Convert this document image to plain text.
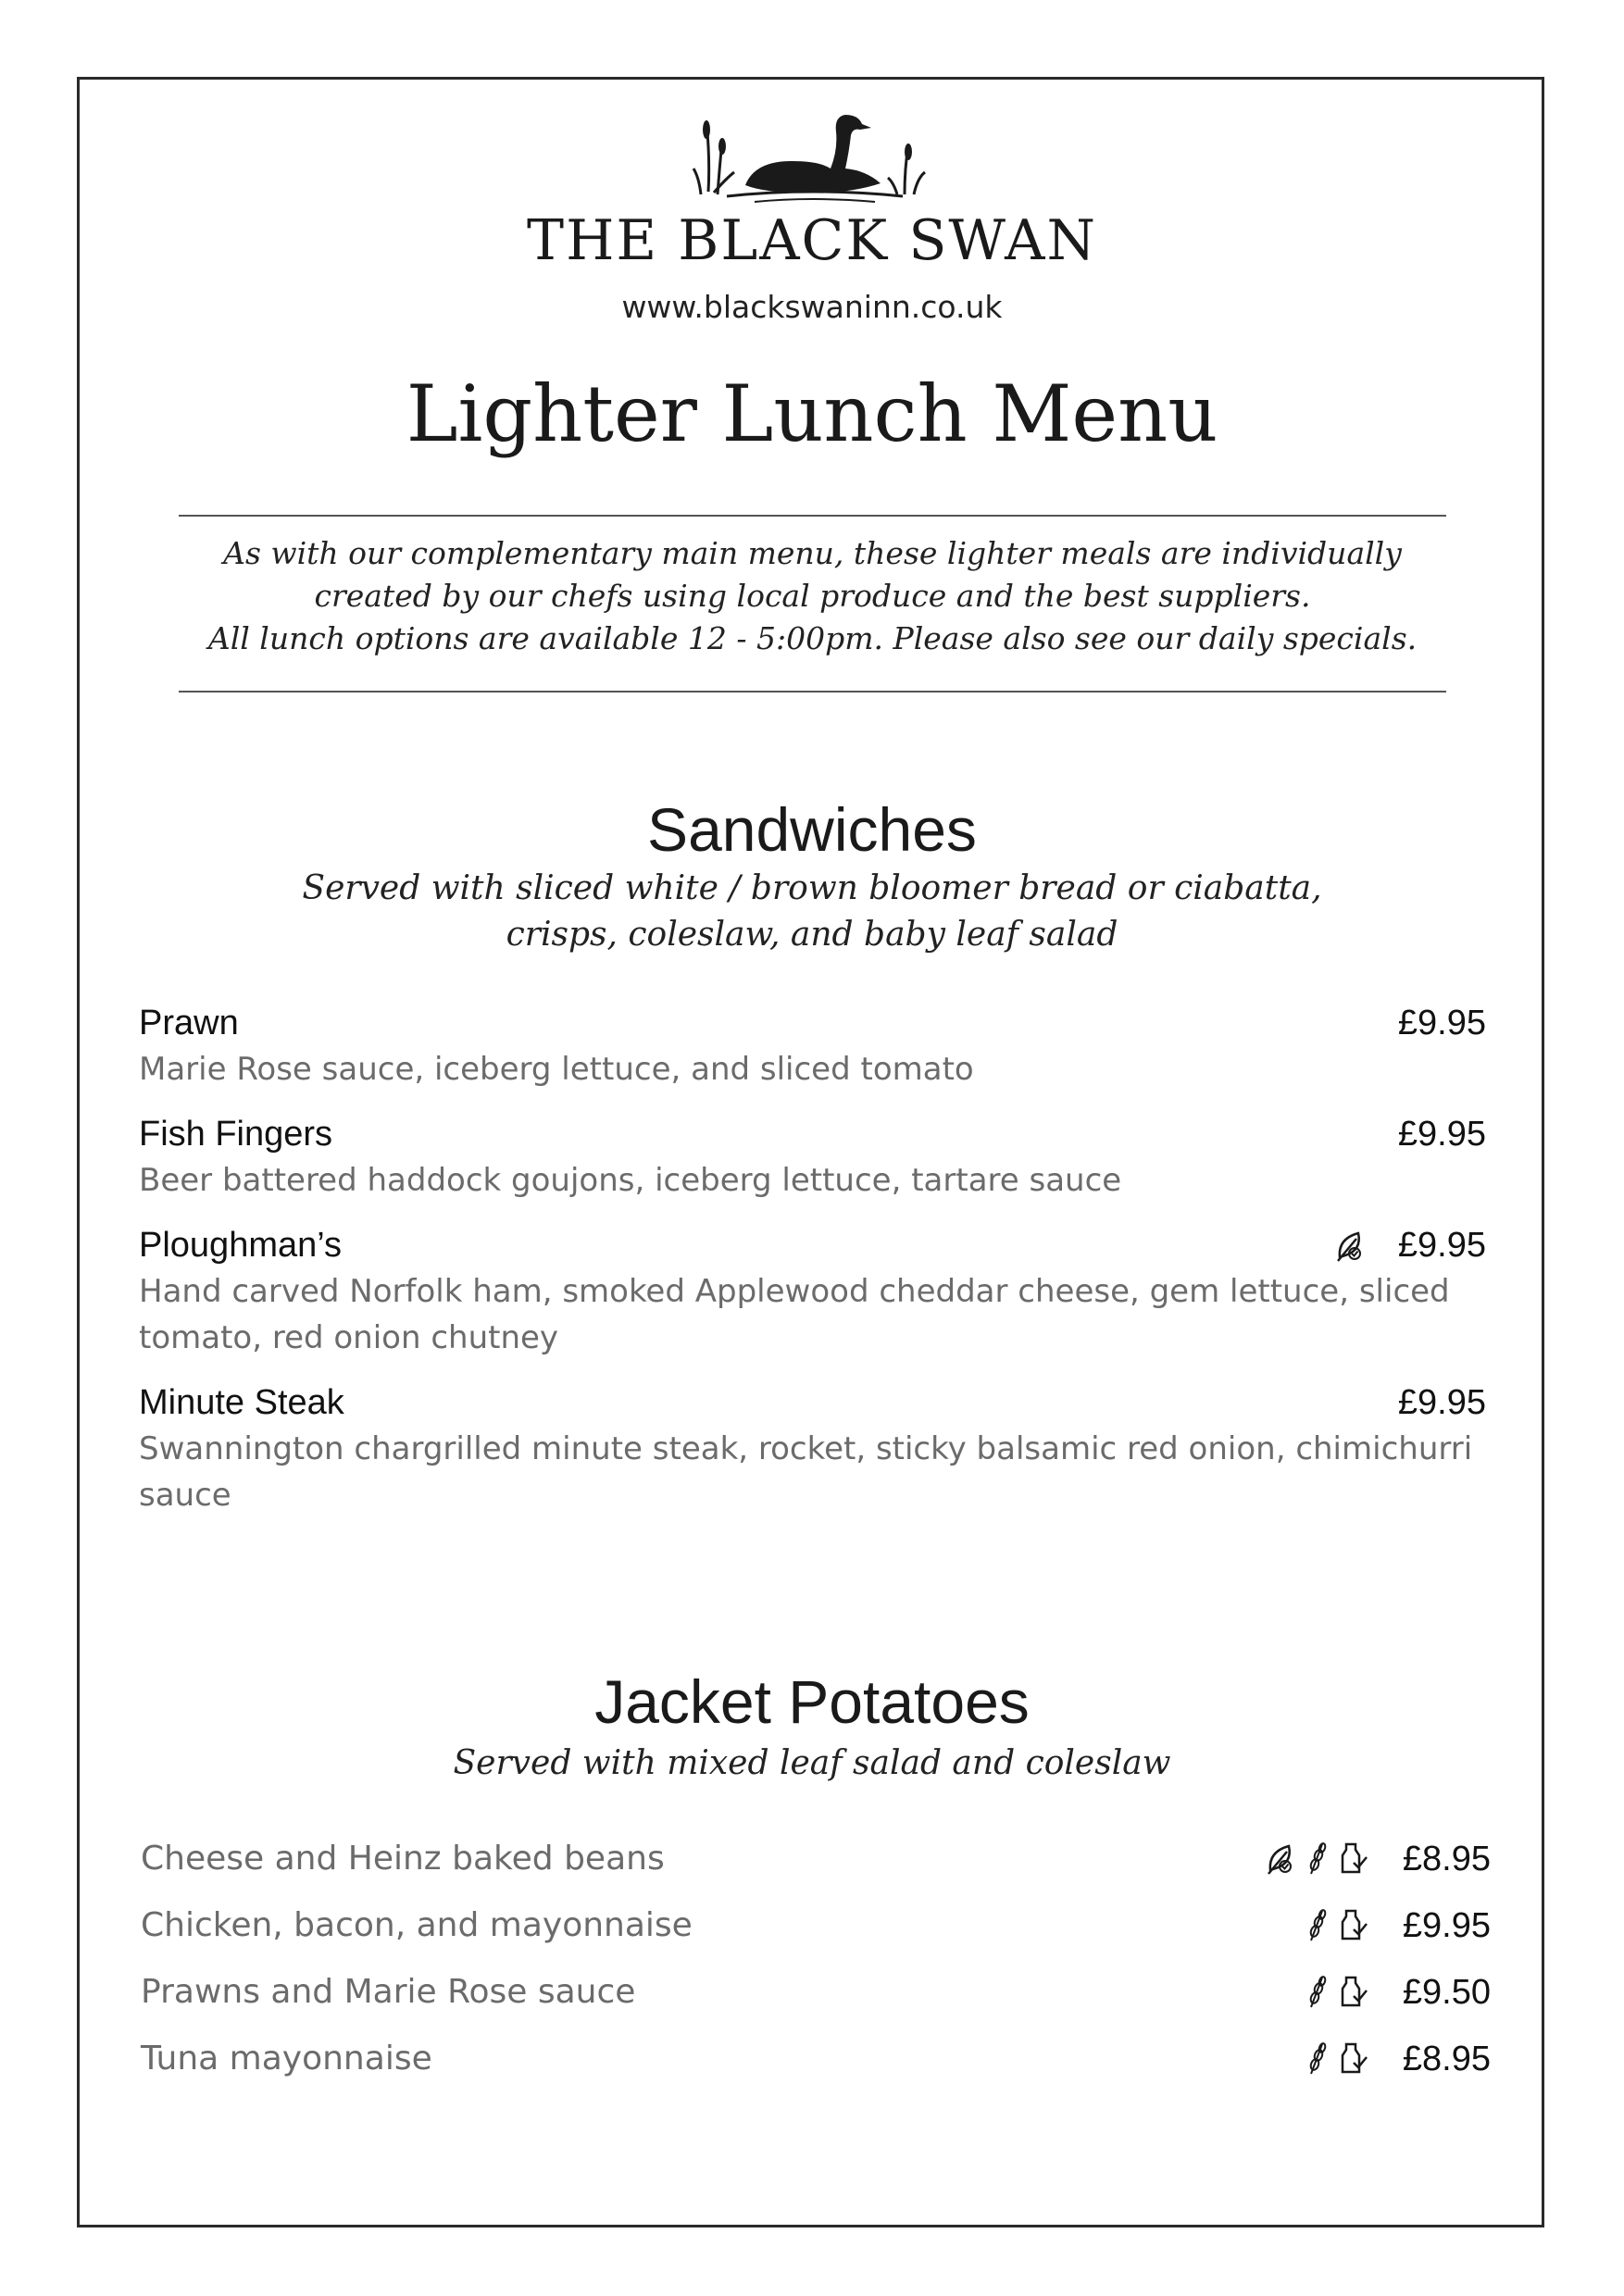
THE BLACK SWAN
www.blackswaninn.co.uk
Lighter Lunch Menu
As with our complementary main menu, these lighter meals are individually
created by our chefs using local produce and the best suppliers.
All lunch options are available 12 - 5:00pm. Please also see our daily specials.
Sandwiches
Served with sliced white / brown bloomer bread or ciabatta,
crisps, coleslaw, and baby leaf salad
Prawn	£9.95
Marie Rose sauce, iceberg lettuce, and sliced tomato
Fish Fingers	£9.95
Beer battered haddock goujons, iceberg lettuce, tartare sauce
Ploughman’s	£9.95
Hand carved Norfolk ham, smoked Applewood cheddar cheese, gem lettuce, sliced tomato, red onion chutney
Minute Steak	£9.95
Swannington chargrilled minute steak, rocket, sticky balsamic red onion, chimichurri sauce
Jacket Potatoes
Served with mixed leaf salad and coleslaw
Cheese and Heinz baked beans	£8.95
Chicken, bacon, and mayonnaise	£9.95
Prawns and Marie Rose sauce	£9.50
Tuna mayonnaise	£8.95
